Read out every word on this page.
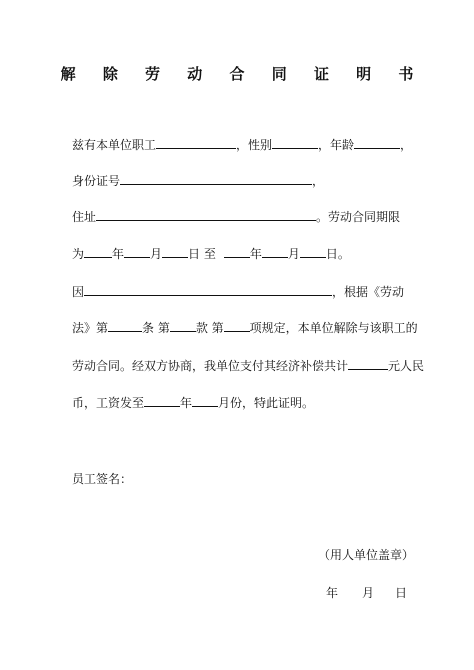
解 除 劳 动 合 同 证 明 书
兹有本单位职工	，性别	，年龄	，
身份证号	，
住址	。劳动合同期限
为 年 月 日 至	年 月 日。
因	，根据《劳动
法》第	条 第 款 第 项规定，本单位解除与该职工的
劳动合同。经双方协商，我单位支付其经济补偿共计	元人民
币，工资发至	年 月份，特此证明。
员工签名：
（用人单位盖章）
年 月 日
